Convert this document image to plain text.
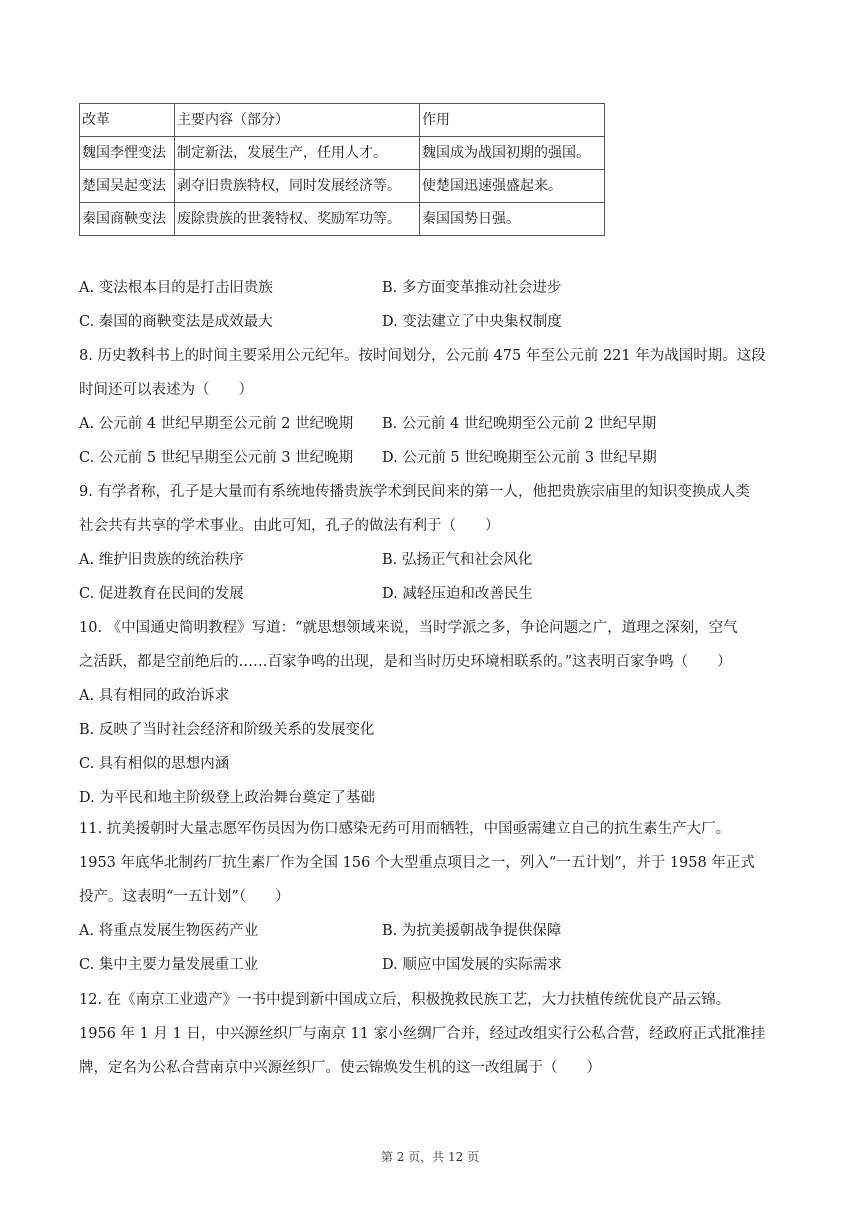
改革	主要内容（部分）	作用
魏国李悝变法	制定新法，发展生产，任用人才。	魏国成为战国初期的强国。
楚国吴起变法	剥夺旧贵族特权，同时发展经济等。	使楚国迅速强盛起来。
秦国商鞅变法	废除贵族的世袭特权、奖励军功等。	秦国国势日强。
A. 变法根本目的是打击旧贵族	B. 多方面变革推动社会进步
C. 秦国的商鞅变法是成效最大	D. 变法建立了中央集权制度
8. 历史教科书上的时间主要采用公元纪年。按时间划分，公元前 475 年至公元前 221 年为战国时期。这段
时间还可以表述为（　　）
A. 公元前 4 世纪早期至公元前 2 世纪晚期 B. 公元前 4 世纪晚期至公元前 2 世纪早期
C. 公元前 5 世纪早期至公元前 3 世纪晚期 D. 公元前 5 世纪晚期至公元前 3 世纪早期
9. 有学者称，孔子是大量而有系统地传播贵族学术到民间来的第一人，他把贵族宗庙里的知识变换成人类
社会共有共享的学术事业。由此可知，孔子的做法有利于（　　）
A. 维护旧贵族的统治秩序	B. 弘扬正气和社会风化
C. 促进教育在民间的发展	D. 减轻压迫和改善民生
10. 《中国通史简明教程》写道：“就思想领域来说，当时学派之多，争论问题之广，道理之深刻，空气
之活跃，都是空前绝后的……百家争鸣的出现，是和当时历史环境相联系的。”这表明百家争鸣（　　）
A. 具有相同的政治诉求
B. 反映了当时社会经济和阶级关系的发展变化
C. 具有相似的思想内涵
D. 为平民和地主阶级登上政治舞台奠定了基础
11. 抗美援朝时大量志愿军伤员因为伤口感染无药可用而牺牲，中国亟需建立自己的抗生素生产大厂。
1953 年底华北制药厂抗生素厂作为全国 156 个大型重点项目之一，列入“一五计划”，并于 1958 年正式
投产。这表明“一五计划”（　　）
A. 将重点发展生物医药产业	B. 为抗美援朝战争提供保障
C. 集中主要力量发展重工业	D. 顺应中国发展的实际需求
12. 在《南京工业遗产》一书中提到新中国成立后，积极挽救民族工艺，大力扶植传统优良产品云锦。
1956 年 1 月 1 日，中兴源丝织厂与南京 11 家小丝绸厂合并，经过改组实行公私合营，经政府正式批准挂
牌，定名为公私合营南京中兴源丝织厂。使云锦焕发生机的这一改组属于（　　）
第 2 页，共 12 页
